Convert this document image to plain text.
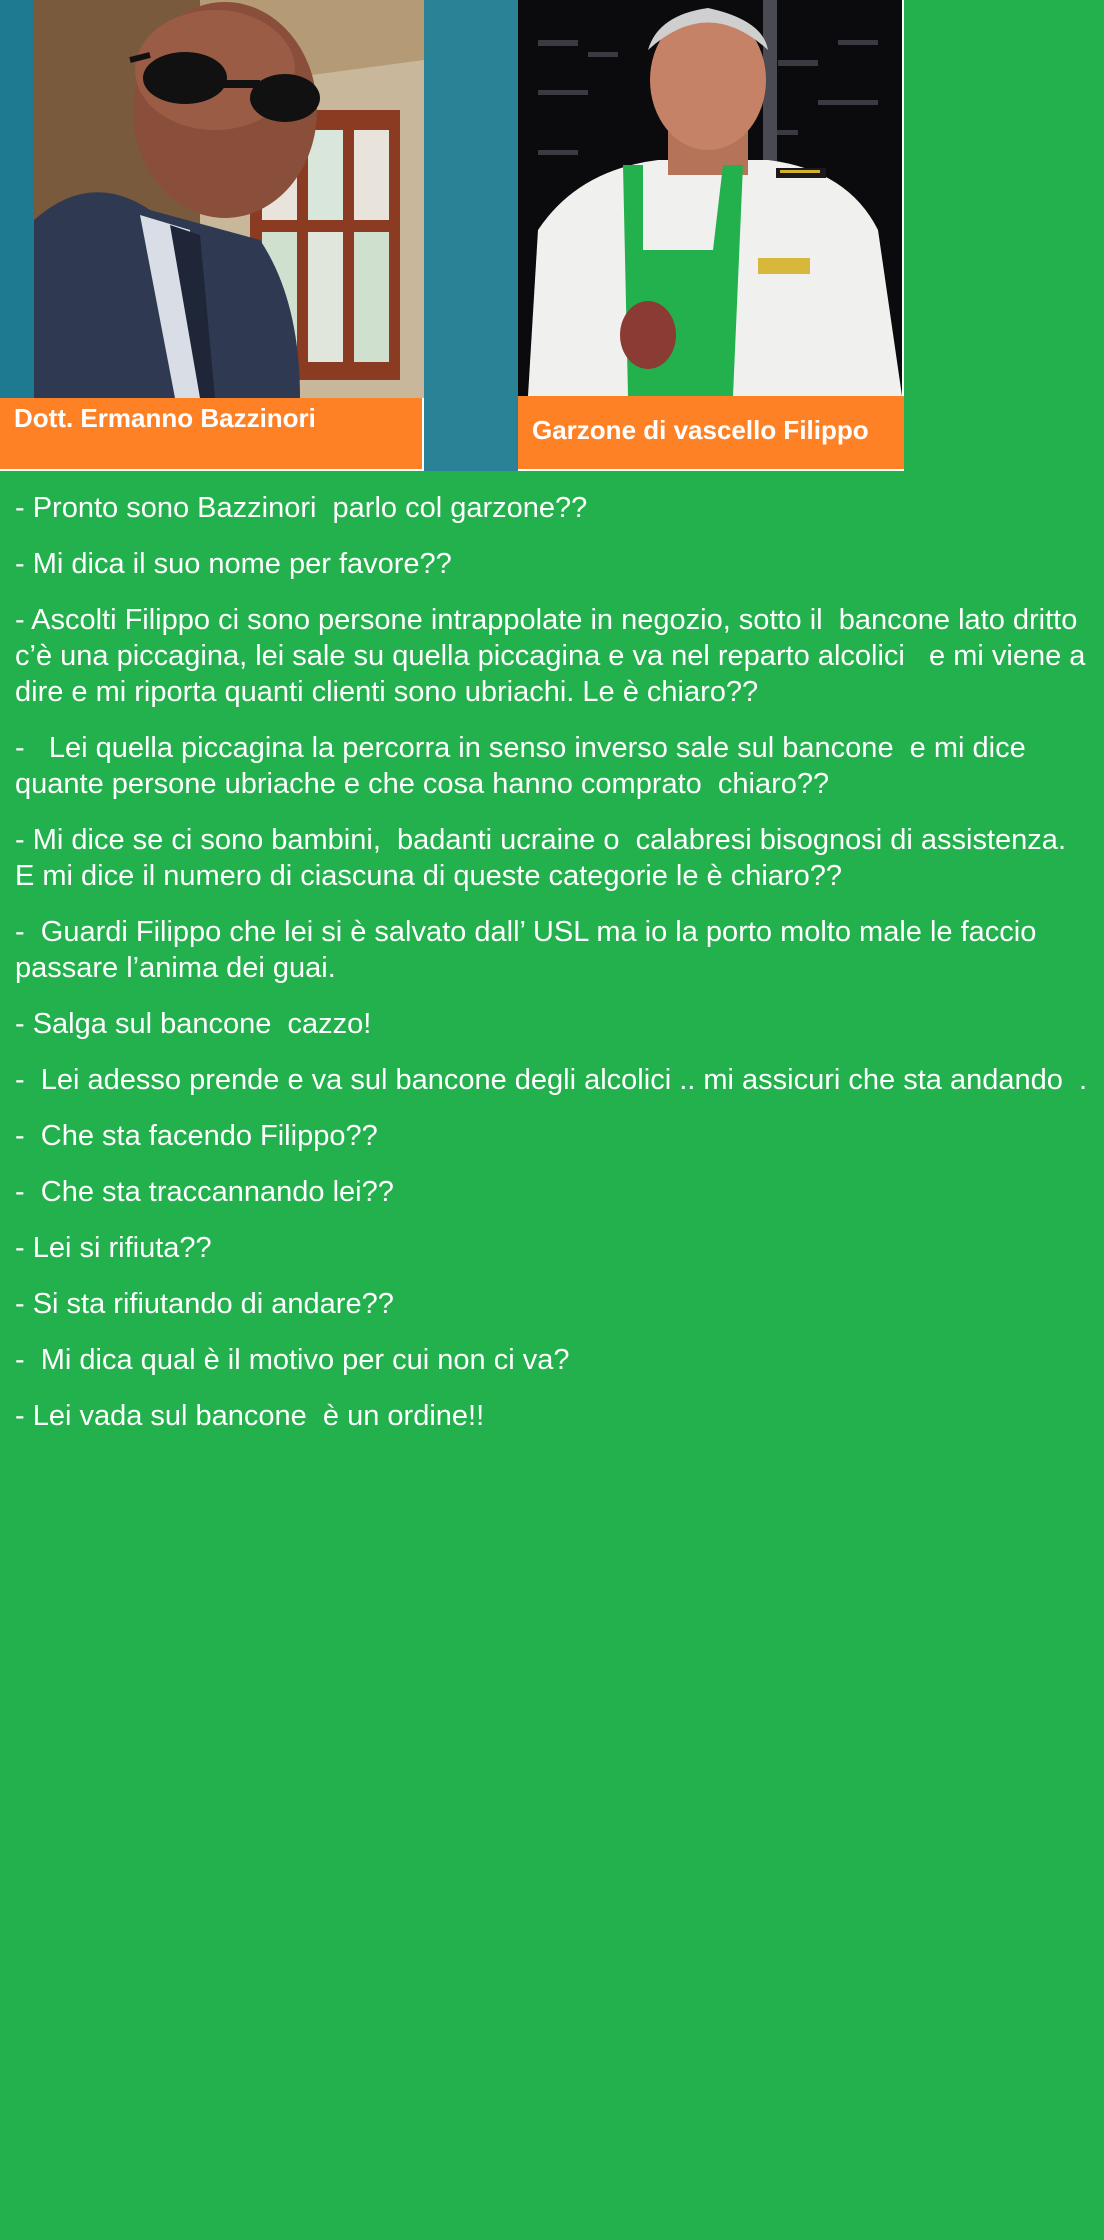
Dott. Ermanno Bazzinori	Garzone di vascello Filippo

- Pronto sono Bazzinori  parlo col garzone??

- Mi dica il suo nome per favore??

- Ascolti Filippo ci sono persone intrappolate in negozio, sotto il  bancone lato dritto c’è una piccagina, lei sale su quella piccagina e va nel reparto alcolici   e mi viene a dire e mi riporta quanti clienti sono ubriachi. Le è chiaro??

-   Lei quella piccagina la percorra in senso inverso sale sul bancone  e mi dice quante persone ubriache e che cosa hanno comprato  chiaro??

- Mi dice se ci sono bambini,  badanti ucraine o  calabresi bisognosi di assistenza. E mi dice il numero di ciascuna di queste categorie le è chiaro??

-  Guardi Filippo che lei si è salvato dall’ USL ma io la porto molto male le faccio passare l’anima dei guai.

- Salga sul bancone  cazzo!

-  Lei adesso prende e va sul bancone degli alcolici .. mi assicuri che sta andando  .

-  Che sta facendo Filippo??

-  Che sta traccannando lei??

- Lei si rifiuta??

- Si sta rifiutando di andare??

-  Mi dica qual è il motivo per cui non ci va?

- Lei vada sul bancone  è un ordine!!
